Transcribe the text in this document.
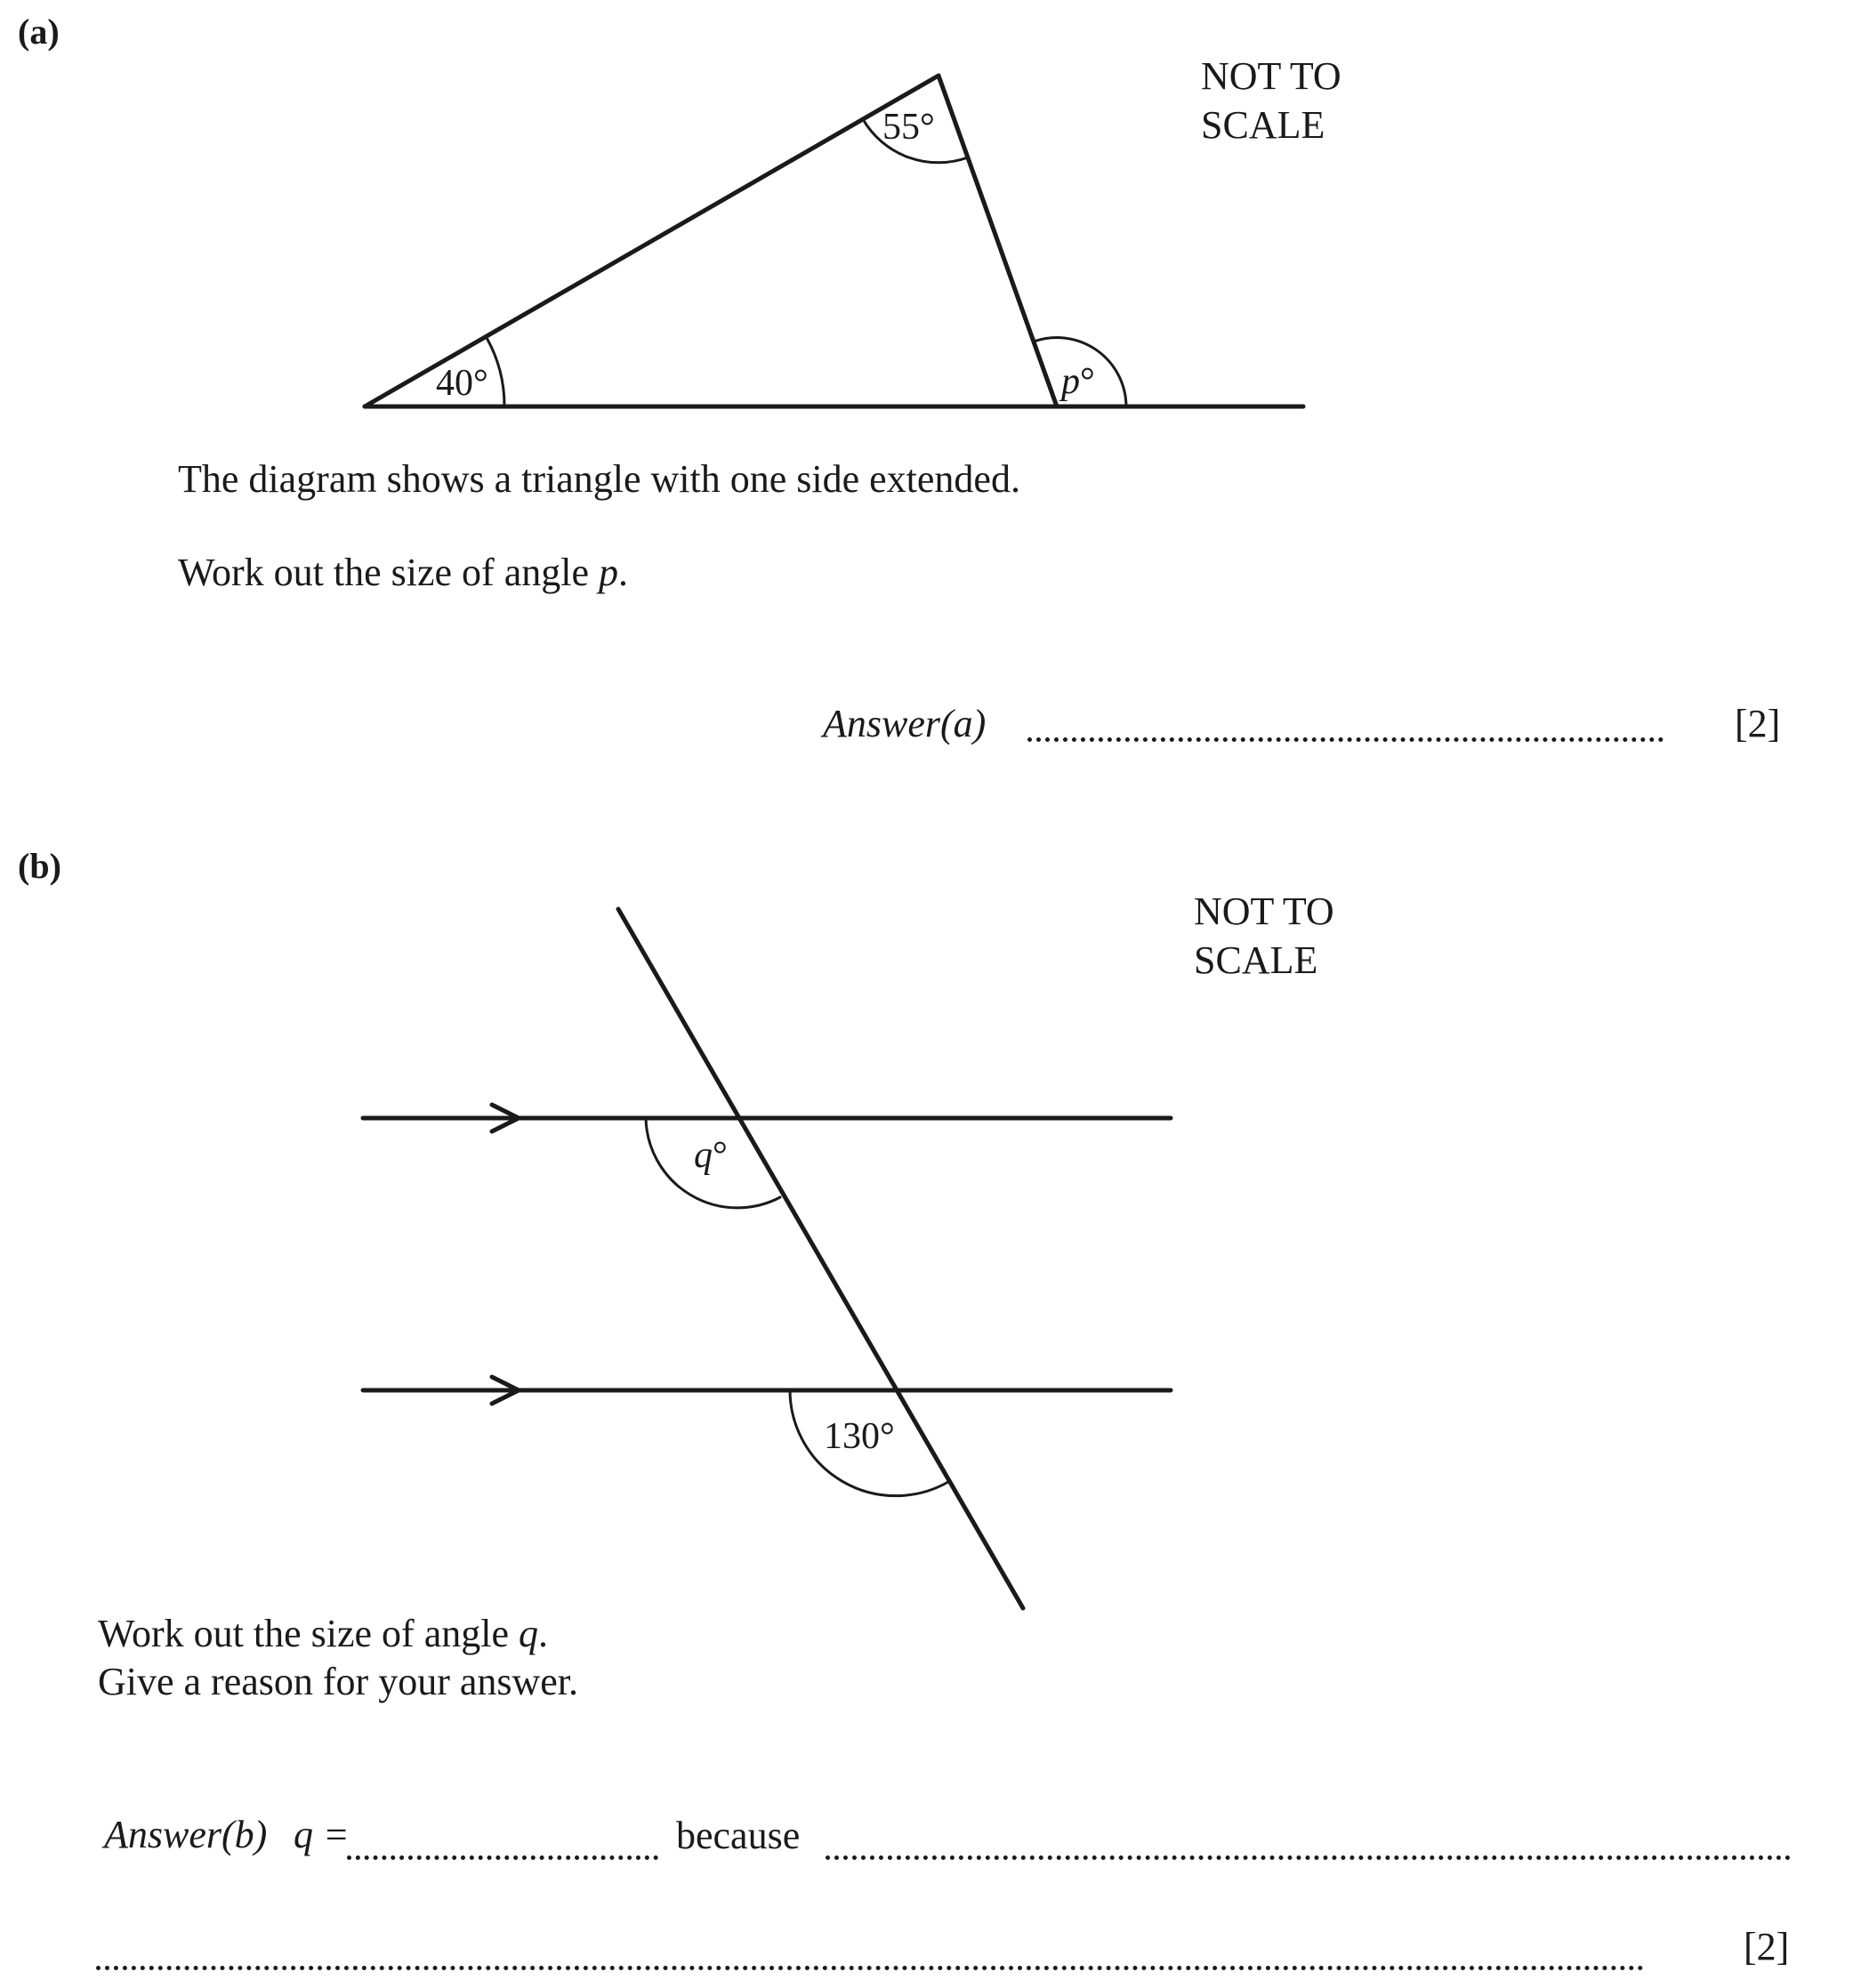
(a)
NOT TO
SCALE
40°
55°
p°
q°
130°
The diagram shows a triangle with one side extended.
Work out the size of angle p.
Answer(a)	[2]
(b)
NOT TO
SCALE
Work out the size of angle q.
Give a reason for your answer.
Answer(b) q =	because
[2]
